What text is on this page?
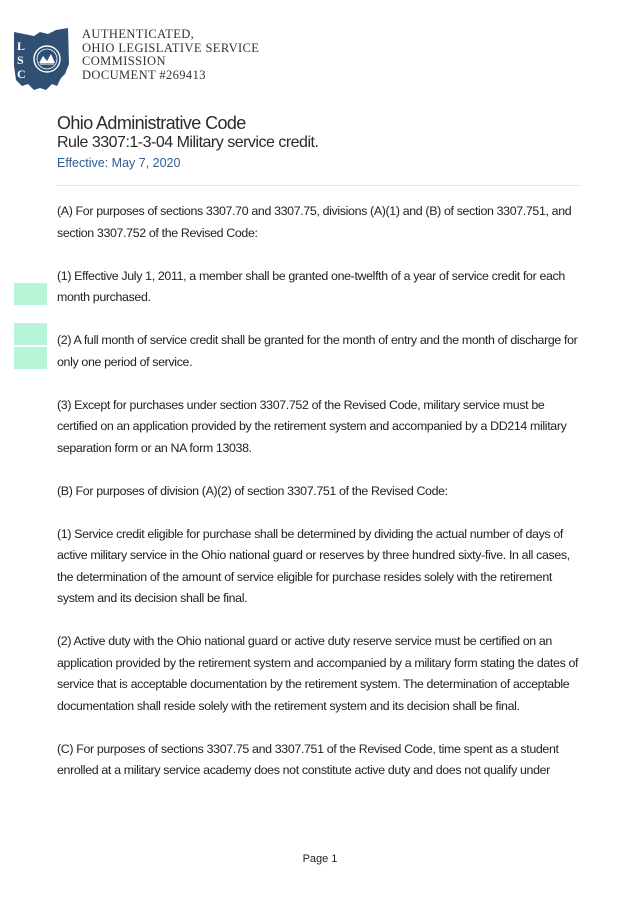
L
S
C
AUTHENTICATED,
OHIO LEGISLATIVE SERVICE
COMMISSION
DOCUMENT #269413
Ohio Administrative Code
Rule 3307:1-3-04 Military service credit.
Effective: May 7, 2020

(A) For purposes of sections 3307.70 and 3307.75, divisions (A)(1) and (B) of section 3307.751, and section 3307.752 of the Revised Code:

(1) Effective July 1, 2011, a member shall be granted one-twelfth of a year of service credit for each month purchased.

(2) A full month of service credit shall be granted for the month of entry and the month of discharge for only one period of service.

(3) Except for purchases under section 3307.752 of the Revised Code, military service must be certified on an application provided by the retirement system and accompanied by a DD214 military separation form or an NA form 13038.

(B) For purposes of division (A)(2) of section 3307.751 of the Revised Code:

(1) Service credit eligible for purchase shall be determined by dividing the actual number of days of active military service in the Ohio national guard or reserves by three hundred sixty-five. In all cases, the determination of the amount of service eligible for purchase resides solely with the retirement system and its decision shall be final.

(2) Active duty with the Ohio national guard or active duty reserve service must be certified on an application provided by the retirement system and accompanied by a military form stating the dates of service that is acceptable documentation by the retirement system. The determination of acceptable documentation shall reside solely with the retirement system and its decision shall be final.

(C) For purposes of sections 3307.75 and 3307.751 of the Revised Code, time spent as a student enrolled at a military service academy does not constitute active duty and does not qualify under

Page 1
